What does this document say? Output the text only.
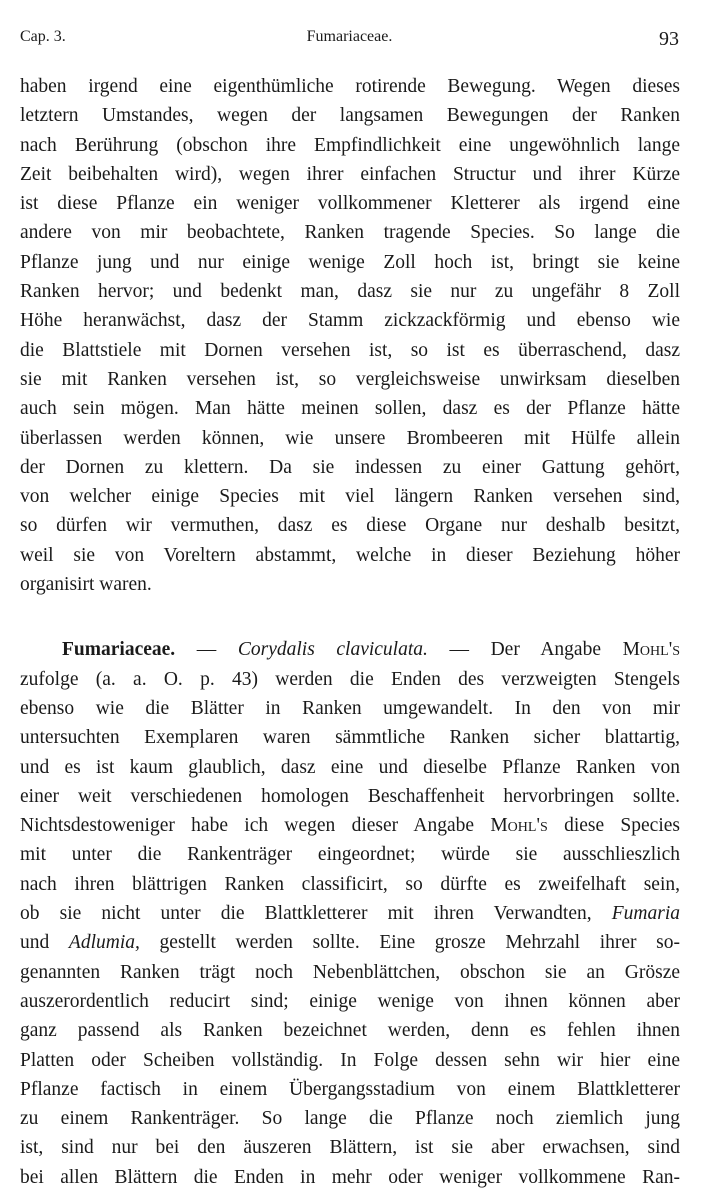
Cap. 3.	Fumariaceae.	93
haben irgend eine eigenthümliche rotirende Bewegung. Wegen dieses
letztern Umstandes, wegen der langsamen Bewegungen der Ranken
nach Berührung (obschon ihre Empfindlichkeit eine ungewöhnlich lange
Zeit beibehalten wird), wegen ihrer einfachen Structur und ihrer Kürze
ist diese Pflanze ein weniger vollkommener Kletterer als irgend eine
andere von mir beobachtete, Ranken tragende Species. So lange die
Pflanze jung und nur einige wenige Zoll hoch ist, bringt sie keine
Ranken hervor; und bedenkt man, dasz sie nur zu ungefähr 8 Zoll
Höhe heranwächst, dasz der Stamm zickzackförmig und ebenso wie
die Blattstiele mit Dornen versehen ist, so ist es überraschend, dasz
sie mit Ranken versehen ist, so vergleichsweise unwirksam dieselben
auch sein mögen. Man hätte meinen sollen, dasz es der Pflanze hätte
überlassen werden können, wie unsere Brombeeren mit Hülfe allein
der Dornen zu klettern. Da sie indessen zu einer Gattung gehört,
von welcher einige Species mit viel längern Ranken versehen sind,
so dürfen wir vermuthen, dasz es diese Organe nur deshalb besitzt,
weil sie von Voreltern abstammt, welche in dieser Beziehung höher
organisirt waren.
Fumariaceae. — Corydalis claviculata. — Der Angabe Mohl's
zufolge (a. a. O. p. 43) werden die Enden des verzweigten Stengels
ebenso wie die Blätter in Ranken umgewandelt. In den von mir
untersuchten Exemplaren waren sämmtliche Ranken sicher blattartig,
und es ist kaum glaublich, dasz eine und dieselbe Pflanze Ranken von
einer weit verschiedenen homologen Beschaffenheit hervorbringen sollte.
Nichtsdestoweniger habe ich wegen dieser Angabe Mohl's diese Species
mit unter die Rankenträger eingeordnet; würde sie ausschlieszlich
nach ihren blättrigen Ranken classificirt, so dürfte es zweifelhaft sein,
ob sie nicht unter die Blattkletterer mit ihren Verwandten, Fumaria
und Adlumia, gestellt werden sollte. Eine grosze Mehrzahl ihrer so-
genannten Ranken trägt noch Nebenblättchen, obschon sie an Grösze
auszerordentlich reducirt sind; einige wenige von ihnen können aber
ganz passend als Ranken bezeichnet werden, denn es fehlen ihnen
Platten oder Scheiben vollständig. In Folge dessen sehn wir hier eine
Pflanze factisch in einem Übergangsstadium von einem Blattkletterer
zu einem Rankenträger. So lange die Pflanze noch ziemlich jung
ist, sind nur bei den äuszeren Blättern, ist sie aber erwachsen, sind
bei allen Blättern die Enden in mehr oder weniger vollkommene Ran-
